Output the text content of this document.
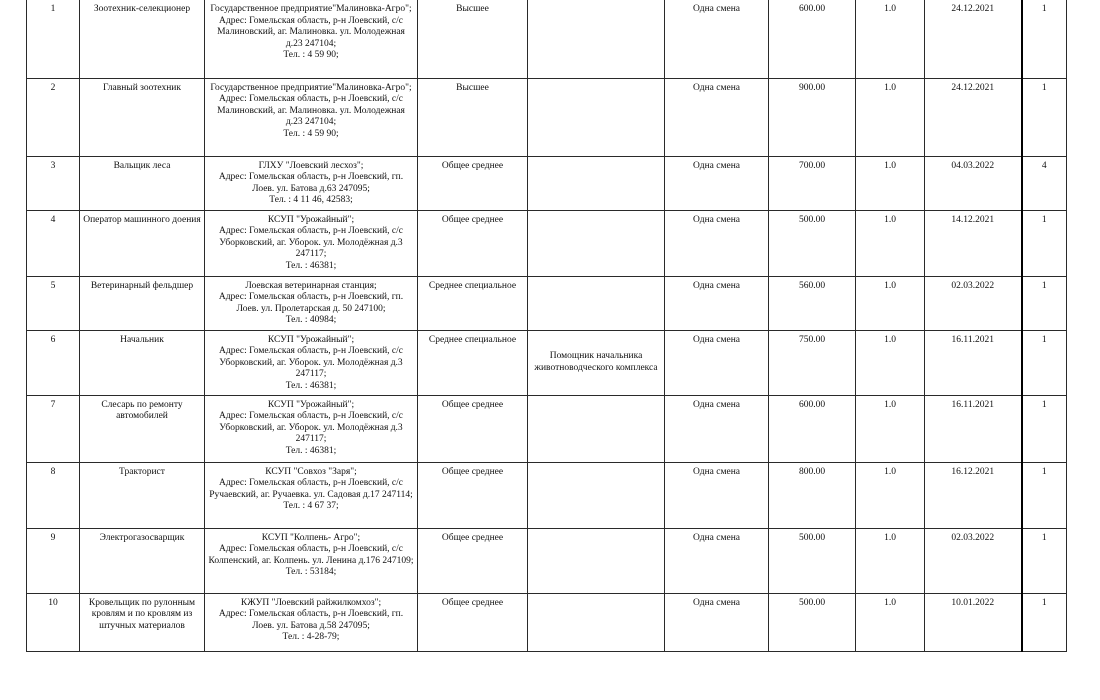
1	Зоотехник-селекционер	Государственное предприятие"Малиновка-Агро";
Адрес: Гомельская область, р-н Лоевский, с/с Малиновский, аг. Малиновка. ул. Молодежная д.23 247104;
Тел. : 4 59 90;	Высшее		Одна смена	600.00	1.0	24.12.2021	1
2	Главный зоотехник	Государственное предприятие"Малиновка-Агро";
Адрес: Гомельская область, р-н Лоевский, с/с Малиновский, аг. Малиновка. ул. Молодежная д.23 247104;
Тел. : 4 59 90;	Высшее		Одна смена	900.00	1.0	24.12.2021	1
3	Вальщик леса	ГЛХУ "Лоевский лесхоз";
Адрес: Гомельская область, р-н Лоевский, гп. Лоев. ул. Батова д.63 247095;
Тел. : 4 11 46, 42583;	Общее среднее		Одна смена	700.00	1.0	04.03.2022	4
4	Оператор машинного доения	КСУП "Урожайный";
Адрес: Гомельская область, р-н Лоевский, с/с Уборковский, аг. Уборок. ул. Молодёжная д.3 247117;
Тел. : 46381;	Общее среднее		Одна смена	500.00	1.0	14.12.2021	1
5	Ветеринарный фельдшер	Лоевская ветеринарная станция;
Адрес: Гомельская область, р-н Лоевский, гп. Лоев. ул. Пролетарская д. 50 247100;
Тел. : 40984;	Среднее специальное		Одна смена	560.00	1.0	02.03.2022	1
6	Начальник	КСУП "Урожайный";
Адрес: Гомельская область, р-н Лоевский, с/с Уборковский, аг. Уборок. ул. Молодёжная д.3 247117;
Тел. : 46381;	Среднее специальное	Помощник начальника животноводческого комплекса	Одна смена	750.00	1.0	16.11.2021	1
7	Слесарь по ремонту автомобилей	КСУП "Урожайный";
Адрес: Гомельская область, р-н Лоевский, с/с Уборковский, аг. Уборок. ул. Молодёжная д.3 247117;
Тел. : 46381;	Общее среднее		Одна смена	600.00	1.0	16.11.2021	1
8	Тракторист	КСУП "Совхоз "Заря";
Адрес: Гомельская область, р-н Лоевский, с/с Ручаевский, аг. Ручаевка. ул. Садовая д.17 247114;
Тел. : 4 67 37;	Общее среднее		Одна смена	800.00	1.0	16.12.2021	1
9	Электрогазосварщик	КСУП "Колпень- Агро";
Адрес: Гомельская область, р-н Лоевский, с/с Колпенский, аг. Колпень. ул. Ленина д.176 247109;
Тел. : 53184;	Общее среднее		Одна смена	500.00	1.0	02.03.2022	1
10	Кровельщик по рулонным кровлям и по кровлям из штучных материалов	КЖУП "Лоевский райжилкомхоз";
Адрес: Гомельская область, р-н Лоевский, гп. Лоев. ул. Батова д.58 247095;
Тел. : 4-28-79;	Общее среднее		Одна смена	500.00	1.0	10.01.2022	1
